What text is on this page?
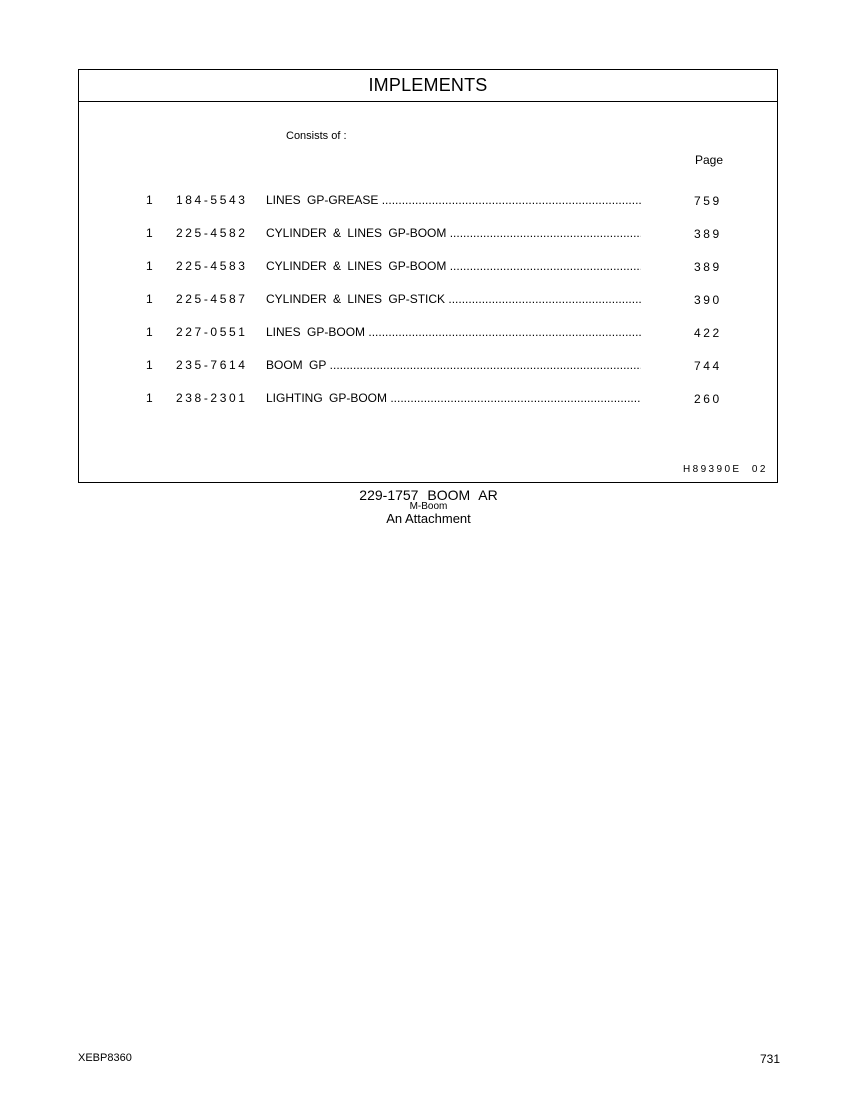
IMPLEMENTS
Consists of :
Page
1 184-5543 LINES GP-GREASE .....	759
1 225-4582 CYLINDER & LINES GP-BOOM .....	389
1 225-4583 CYLINDER & LINES GP-BOOM .....	389
1 225-4587 CYLINDER & LINES GP-STICK .....	390
1 227-0551 LINES GP-BOOM .....	422
1 235-7614 BOOM GP .....	744
1 238-2301 LIGHTING GP-BOOM .....	260
H89390E  02
229-1757 BOOM AR
M-Boom
An Attachment
XEBP8360	731
